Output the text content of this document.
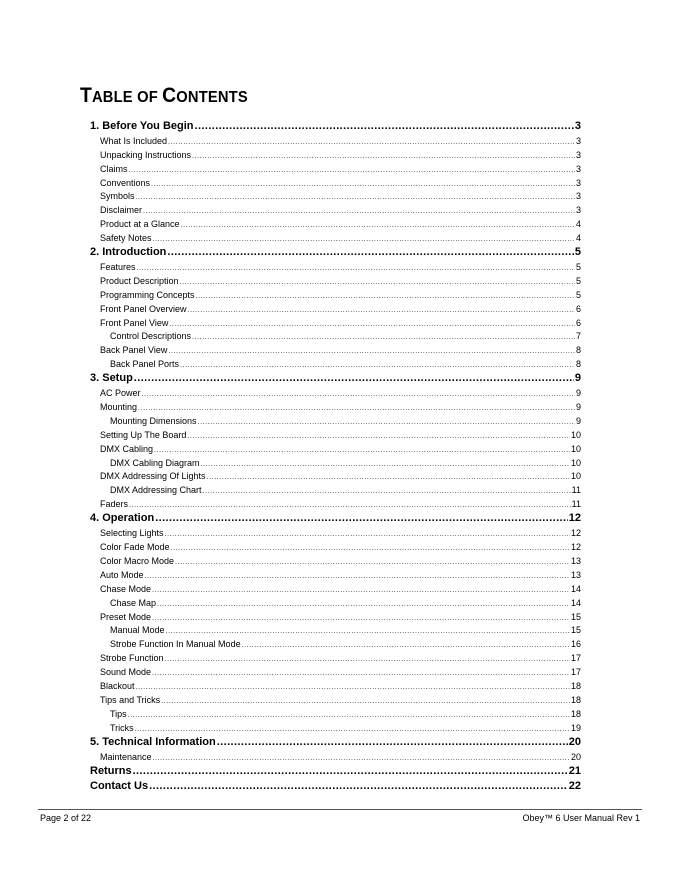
TABLE OF CONTENTS
1. Before You Begin .....	3
What Is Included .....	3
Unpacking Instructions .....	3
Claims .....	3
Conventions .....	3
Symbols .....	3
Disclaimer .....	3
Product at a Glance .....	4
Safety Notes .....	4
2. Introduction .....	5
Features .....	5
Product Description .....	5
Programming Concepts .....	5
Front Panel Overview .....	6
Front Panel View .....	6
Control Descriptions .....	7
Back Panel View .....	8
Back Panel Ports .....	8
3. Setup .....	9
AC Power .....	9
Mounting .....	9
Mounting Dimensions .....	9
Setting Up The Board .....	10
DMX Cabling .....	10
DMX Cabling Diagram .....	10
DMX Addressing Of Lights .....	10
DMX Addressing Chart .....	11
Faders .....	11
4. Operation .....	12
Selecting Lights .....	12
Color Fade Mode .....	12
Color Macro Mode .....	13
Auto Mode .....	13
Chase Mode .....	14
Chase Map .....	14
Preset Mode .....	15
Manual Mode .....	15
Strobe Function In Manual Mode .....	16
Strobe Function .....	17
Sound Mode .....	17
Blackout .....	18
Tips and Tricks .....	18
Tips .....	18
Tricks .....	19
5. Technical Information .....	20
Maintenance .....	20
Returns .....	21
Contact Us .....	22
Page 2 of 22	Obey™ 6 User Manual Rev 1
